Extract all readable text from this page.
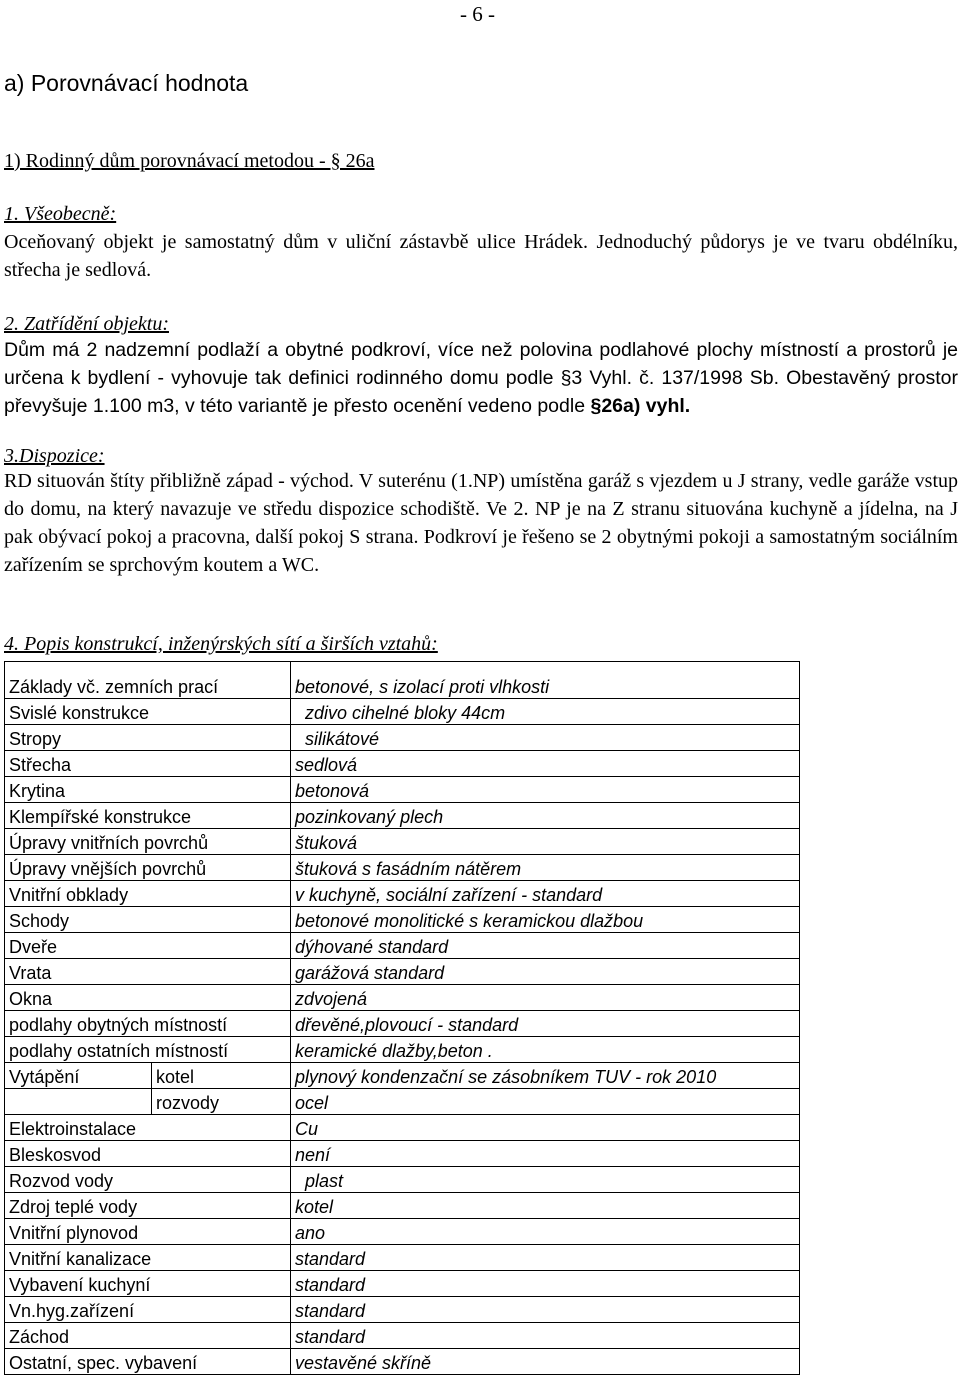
- 6 -
a) Porovnávací hodnota
1) Rodinný dům porovnávací metodou - § 26a
1. Všeobecně:
Oceňovaný objekt je samostatný dům v uliční zástavbě ulice Hrádek. Jednoduchý půdorys je ve tvaru obdélníku, střecha je sedlová.
2. Zatřídění objektu:
Dům má 2 nadzemní podlaží a obytné podkroví, více než polovina podlahové plochy místností a prostorů je určena k bydlení - vyhovuje tak definici rodinného domu podle §3 Vyhl. č. 137/1998 Sb. Obestavěný prostor převyšuje 1.100 m3, v této variantě je přesto ocenění vedeno podle §26a) vyhl.
3.Dispozice:
RD situován štíty přibližně západ - východ. V suterénu (1.NP) umístěna garáž s vjezdem u J strany, vedle garáže vstup do domu, na který navazuje ve středu dispozice schodiště. Ve 2. NP je na Z stranu situována kuchyně a jídelna, na J pak obývací pokoj a pracovna, další pokoj S strana. Podkroví je řešeno se 2 obytnými pokoji a samostatným sociálním zařízením se sprchovým koutem a WC.
4. Popis konstrukcí, inženýrských sítí a širších vztahů:
Základy vč. zemních prací		betonové, s izolací proti vlhkosti
Svislé konstrukce		zdivo cihelné bloky 44cm
Stropy		silikátové
Střecha		sedlová
Krytina		betonová
Klempířské konstrukce		pozinkovaný plech
Úpravy vnitřních povrchů		štuková
Úpravy vnějších povrchů		štuková s fasádním nátěrem
Vnitřní obklady		v kuchyně, sociální zařízení - standard
Schody		betonové monolitické s keramickou dlažbou
Dveře		dýhované standard
Vrata		garážová standard
Okna		zdvojená
podlahy obytných místností		dřevěné,plovoucí - standard
podlahy ostatních místností		keramické dlažby,beton .
Vytápění	kotel	plynový kondenzační se zásobníkem TUV - rok 2010
	rozvody	ocel
Elektroinstalace		Cu
Bleskosvod		není
Rozvod vody		plast
Zdroj teplé vody		kotel
Vnitřní plynovod		ano
Vnitřní kanalizace		standard
Vybavení kuchyní		standard
Vn.hyg.zařízení		standard
Záchod		standard
Ostatní, spec. vybavení		vestavěné skříně
